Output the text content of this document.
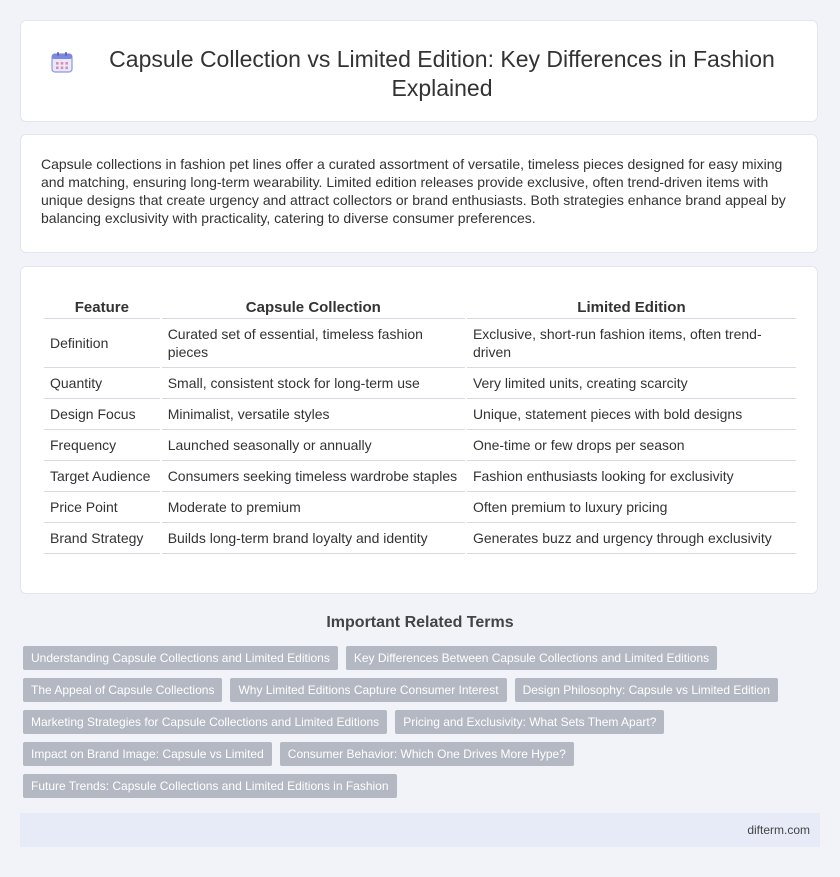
Capsule Collection vs Limited Edition: Key Differences in Fashion Explained

Capsule collections in fashion pet lines offer a curated assortment of versatile, timeless pieces designed for easy mixing and matching, ensuring long-term wearability. Limited edition releases provide exclusive, often trend-driven items with unique designs that create urgency and attract collectors or brand enthusiasts. Both strategies enhance brand appeal by balancing exclusivity with practicality, catering to diverse consumer preferences.

Feature	Capsule Collection	Limited Edition
Definition	Curated set of essential, timeless fashion pieces	Exclusive, short-run fashion items, often trend-driven
Quantity	Small, consistent stock for long-term use	Very limited units, creating scarcity
Design Focus	Minimalist, versatile styles	Unique, statement pieces with bold designs
Frequency	Launched seasonally or annually	One-time or few drops per season
Target Audience	Consumers seeking timeless wardrobe staples	Fashion enthusiasts looking for exclusivity
Price Point	Moderate to premium	Often premium to luxury pricing
Brand Strategy	Builds long-term brand loyalty and identity	Generates buzz and urgency through exclusivity
Important Related Terms
Understanding Capsule Collections and Limited Editions	Key Differences Between Capsule Collections and Limited Editions
The Appeal of Capsule Collections	Why Limited Editions Capture Consumer Interest	Design Philosophy: Capsule vs Limited Edition
Marketing Strategies for Capsule Collections and Limited Editions	Pricing and Exclusivity: What Sets Them Apart?
Impact on Brand Image: Capsule vs Limited	Consumer Behavior: Which One Drives More Hype?
Future Trends: Capsule Collections and Limited Editions in Fashion
difterm.com
